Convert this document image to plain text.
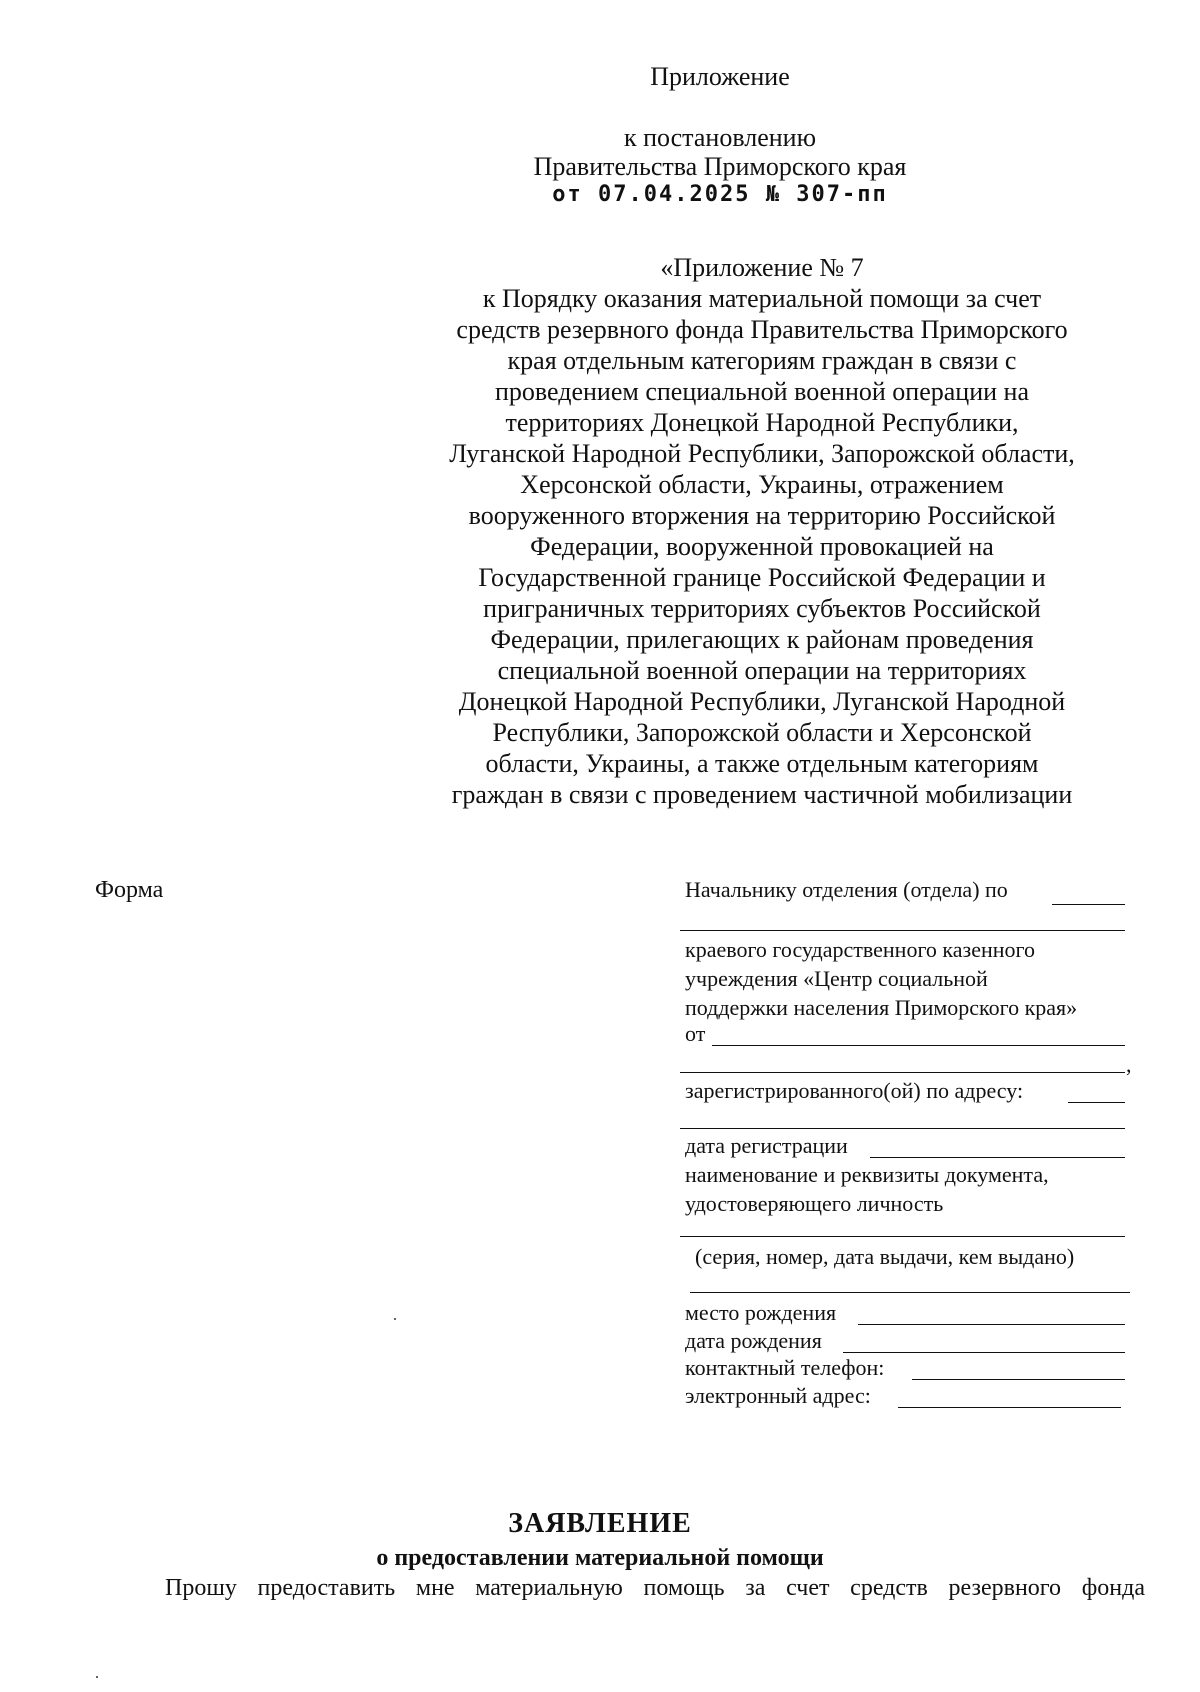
Приложение
к постановлению
Правительства Приморского края
от 07.04.2025 № 307-пп
«Приложение № 7
к Порядку оказания материальной помощи за счет
средств резервного фонда Правительства Приморского
края отдельным категориям граждан в связи с
проведением специальной военной операции на
территориях Донецкой Народной Республики,
Луганской Народной Республики, Запорожской области,
Херсонской области, Украины, отражением
вооруженного вторжения на территорию Российской
Федерации, вооруженной провокацией на
Государственной границе Российской Федерации и
приграничных территориях субъектов Российской
Федерации, прилегающих к районам проведения
специальной военной операции на территориях
Донецкой Народной Республики, Луганской Народной
Республики, Запорожской области и Херсонской
области, Украины, а также отдельным категориям
граждан в связи с проведением частичной мобилизации
Форма	Начальнику отделения (отдела) по
краевого государственного казенного
учреждения «Центр социальной
поддержки населения Приморского края»
от
,
зарегистрированного(ой) по адресу:
дата регистрации
наименование и реквизиты документа,
удостоверяющего личность
(серия, номер, дата выдачи, кем выдано)
место рождения
дата рождения
контактный телефон:
электронный адрес:
ЗАЯВЛЕНИЕ
о предоставлении материальной помощи
Прошу предоставить мне материальную помощь за счет средств резервного фонда
